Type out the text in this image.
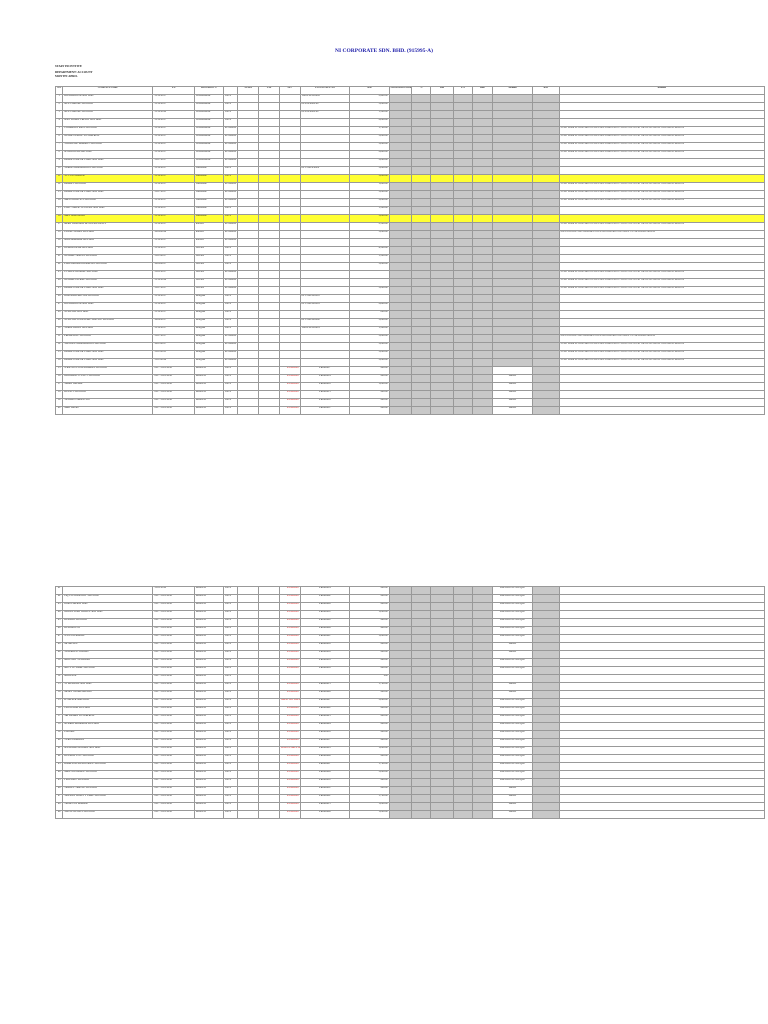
NI CORPORATE SDN. BHD. (915995-A)
STAFF INCENTIVE
DEPARTMENT: ACCOUNT
MONTH: APRIL
NO.	COMPANY NAME	Y/E	PROGRESS %		AUDIT	TAX	SST	TAX INVOICE NO	RM	PROPORTION RM	%	RM	Y/N	Date	Method	RM	Remark
1	KONSORTIUM SDN BHD	31.12.2017	SURIATANA	100%				TA/INS/LG/0002	2,900.00								
2	ALU CAPITAL SDN BHD	31.12.2017	SURIATANA	100%				INS/NI/0000/00	5,000.00								
3	ALU CAPITAL SDN BHD	31.12.2018	SURIATANA	100%				INS/NI/0000/00	1,500.00								
4	A & I SHARE CREDIT SDN BHD	31.12.2017	SURIATANA	100%					2,000.00								
5	CHAMPION KIDS SDN BHD	31.12.2017	SURIATANA	PENDING					1,700.00								START WORK IN APRIL MONTH. NEED DISCUSSION WITH CLIENTS ON CLEAR THE OUTSTAND B/F FOLLOWING MONTHS
6	GLOBE PLAZA - ENTERPRISE	31.12.2017	SURIATANA	PENDING					3,000.00								START WORK IN APRIL MONTH. NEED DISCUSSION WITH CLIENTS ON CLEAR THE OUTSTAND B/F FOLLOWING MONTHS
7	STRATEGIC MARKET SDN BHD	31.12.2017	SURIATANA	PENDING					3,000.00								START WORK IN APRIL MONTH. NEED DISCUSSION WITH CLIENTS ON CLEAR THE OUTSTAND B/F FOLLOWING MONTHS
8	ASTRO BINA SDN BHD	31.12.2017	SURIATANA	PENDING					2,600.00								START WORK IN APRIL MONTH. NEED DISCUSSION WITH CLIENTS ON CLEAR THE OUTSTAND B/F FOLLOWING MONTHS
9	BRAHIT ERPS & CHAN SDN BHD	31.07.2017	SURIATANA	PENDING					3,000.00								
10	SURIA CORPORATION SDN BHD	31.12.2017	SAIAIDA	100%				INV/NI/L0/0002	3,000.00								
11	SCT ENTERPRISE	31.12.2017	SAIAIDA	100%					3,000.00								
12	BRADIT SDN BHD	31.12.2017	SAIAIDA	PENDING					1,800.00								START WORK IN APRIL MONTH. NEED DISCUSSION WITH CLIENTS ON CLEAR THE OUTSTAND B/F FOLLOWING MONTHS
13	BRADIT ERPS & CHAN SDN BHD	31.07.2017	SAIAIDA	PENDING					3,000.00								START WORK IN APRIL MONTH. NEED DISCUSSION WITH CLIENTS ON CLEAR THE OUTSTAND B/F FOLLOWING MONTHS
14	MAS LOGISTICS SDN BHD	31.12.2017	SAIAIDA	PENDING					3,000.00								START WORK IN APRIL MONTH. NEED DISCUSSION WITH CLIENTS ON CLEAR THE OUTSTAND B/F FOLLOWING MONTHS
15	EAST TIMUR VENTURE SDN BHD	31.12.2017	SAIAIDA	100%					1,500.00								
16	MAS TRANSPORT	31.12.2017	SAIAIDA	100%					3,000.00								
17	APRO TRAINING & CONSULTANCY	31.12.2017	RASDI	PENDING					2,500.00								START WORK IN APRIL MONTH. NEED DISCUSSION WITH CLIENTS ON CLEAR THE OUTSTAND B/F FOLLOWING MONTHS
18	ZENAL SUBAN SDN BHD	30.06.2016	RASDI	PENDING					3,000.00								NEED FINALISE AND AGREEMENT ON SALES PORTION COST ISSUE C/F FOLLOWING MONTH
19	AIDESPARADA SDN BHD	31.12.2017	RASDI	PENDING													
20	BUMIAN ASIA SDN BHD	31.12.2017	AFFAN	100%					4,500.00								
21	GLOBAL TRAVEL SDN BHD	31.05.2017	AFFAN	100%					1,500.00								
22	PERUSAHAAN BEKALAN SDN BHD	30.06.2017	AFFAN	100%					3,000.00								
23	EVEREX GLOBAL SDN BHD	31.01.2017	AFFAN	PENDING													START WORK IN APRIL MONTH. NEED DISCUSSION WITH CLIENTS ON CLEAR THE OUTSTAND B/F FOLLOWING MONTHS
24	GLOBAL INTRAZ SDN BHD	31.12.2016	AFFAN	PENDING													START WORK IN APRIL MONTH. NEED DISCUSSION WITH CLIENTS ON CLEAR THE OUTSTAND B/F FOLLOWING MONTHS
25	BRADIT ERPS & CHAN SDN BHD	31.07.2017	AFFAN	PENDING					3,000.00								START WORK IN APRIL MONTH. NEED DISCUSSION WITH CLIENTS ON CLEAR THE OUTSTAND B/F FOLLOWING MONTHS
26	KOPERASI AKTIVA SDN BHD	31.12.2017	Morgana	100%				INV/NI/LG/0001									
27	KONSORTIUM SDN BHD	31.12.2017	Morgana	100%				INV/NI/LG/0003	2,600.00								
28	NI METAL SDN BHD	31.12.2017	Morgana	100%					600.00								
29	NI METAL FINANCIAL SERVICE SDN BHD	30.09.2017	Morgana	100%				INV/NI/LG/0002	3,000.00								
30	SURIA SAGEN SDN BHD	31.12.2017	Morgana	100%				TA/INS/LG/0001	1,500.00								
31	PRIMA LINE SDN BHD	31.07.2017	Morgana	PENDING					3,000.00								NEED FINALISE AND AGREEMENT ON SALES PORTION COST ISSUE C/F FOLLOWING MONTH
32	SAFWAN CORPORATION SDN BHD	30.03.2017	Morgana	PENDING					3,000.00								START WORK IN APRIL MONTH. NEED DISCUSSION WITH CLIENTS ON CLEAR THE OUTSTAND B/F FOLLOWING MONTHS
33	BRADIT ERPS & CHAN SDN BHD	31.03.2015	Morgana	PENDING					3,000.00								START WORK IN APRIL MONTH. NEED DISCUSSION WITH CLIENTS ON CLEAR THE OUTSTAND B/F FOLLOWING MONTHS
34	BRADIT ERPS & CHAN SDN BHD	31.03.2016	Morgana	PENDING					3,000.00								START WORK IN APRIL MONTH. NEED DISCUSSION WITH CLIENTS ON CLEAR THE OUTSTAND B/F FOLLOWING MONTHS
35	WIDENTECH OLAYAMAN SDN BHD	2017 31.01.2018	MORYM	100%			PENDING	PROBA17	900.00								
36	DRIFABOUT FULCY SDN BHD	2017 31.01.2018	MORYM	100%			PENDING	PROBA14	900.00						BANK		
37	SMMO SALADI	2017 31.01.2018	MORYM	100%			PENDING	PROBA19	1,000.00						BANK		
38	KULIUT SDN BHD	2017 31.01.2018	MORYM	100%			PENDING	PROBA13	900.00						BANK		
39	TAYAAH THRANYON	2017 31.01.2018	MORYM	100%			PENDING	PROBA16	900.00						BANK		
40	MAH BATRI	2017 31.01.2018	MORYM	100%			PENDING	PROBA11	900.00						BANK		
41		31.01.2018	MORYM	100%			PENDING	PROBA14	900.00						DEPOSITED CHEQUE		
42	ISQ TECHNOLOGY SDN BHD	2017 31.01.2018	MORYM	100%			PENDING	PROBA02	900.00						DEPOSITED CHEQUE		
43	BORIT BRSDN BHD	2017 31.01.2018	MORYM	100%			PENDING	PROBA08	900.00						DEPOSITED CHEQUE		
44	GROUP STAR TRAVEL SDN BHD	2017 31.01.2018	MORYM	100%			PENDING	PROBA10	1,000.00						DEPOSITED CHEQUE		
45	KURASH SDN BHD	2017 31.01.2018	MORYM	100%			PENDING	PROBA20	900.00						DEPOSITED CHEQUE		
46	KEDISKI ENT	2017 31.01.2018	MORYM	100%			PENDING	PROBA09	400.00						DEPOSITED CHEQUE		
47	NSJ ENTERPRISE	2017 31.01.2018	MORYM	100%			PENDING	PROBA21	1,000.00						DEPOSITED CHEQUE		
48	MI MICLLE	2017 31.01.2018	MORYM	100%			PENDING	PROBA16	900.00						BANK		
49	SUPERBEST BAHAN	2017 31.01.2018	MORYM	100%			PENDING	PROBA16	900.00						BANK		
50	ARFENSIF SYMEGAH	2017 31.01.2018	MORYM	100%			PENDING	PROBA18	900.00						DEPOSITED CHEQUE		
51	AR IYYU SAMP SDN BHD	2017 31.01.2018	MORYM	100%			PENDING	PROBA16	900.00						DEPOSITED CHEQUE		
52	ADHUSTA	2017 31.01.2018	MORYM	100%					200								
53	ST MUKEME SDN BHD	2017 31.01.2018	MORYM	100%			PENDING	PROBA13	1,700.00						BANK		
54	MISRY NUGREHMNAN	2017 31.01.2018	MORYM	100%			PENDING	PROBA26	900.00						BANK		
55	K. JAPPER MACHINE	2017 31.01.2018	MORYM	100%			NEED TO FOLL	PROBA27	3,000.00						DEPOSITED CHEQUE		
56	CROWNOM SDN BHD	2017 31.01.2018	MORYM	100%			PENDING	PROBA22	900.00						DEPOSITED CHEQUE		
57	SRI ERMAN ENTERPRISE	2017 31.01.2018	MORYM	100%			PENDING	PROBA23	900.00						DEPOSITED CHEQUE		
58	ACKRIO MIGRANA SDN BHD	2017 31.01.2018	MORYM	100%			PENDING	PROBA24	900.00						DEPOSITED CHEQUE		
59	LACORE	2017 31.01.2018	MORYM	100%			PENDING	PROBA16	900.00						DEPOSITED CHEQUE		
60	TURUS GARDEN	2017 31.01.2018	MORYM	100%			PENDING	PROBA17	900.00						DEPOSITED CHEQUE		
61	ANNEMAN ANTARE SDN BHD	2017 31.01.2018	MORYM	100%			CLIENT HAVE A	PROBA05	1,000.00						DEPOSITED CHEQUE		
62	KULANG CITY SDN BHD	2017 31.01.2018	MORYM	100%			PENDING	PROBA06	900.00						DEPOSITED CHEQUE		
63	KAMPUNG KUATI PRICE SDN BHD	2017 31.01.2018	MORYM	100%			PENDING	PROBA07	1,700.00						DEPOSITED CHEQUE		
64	MANTINI GRACE SDN BHD	2017 31.01.2018	MORYM	100%			PENDING	PROBA08	3,000.00						DEPOSITED CHEQUE		
65	FIMULATE SDN BHD	2017 31.01.2018	MORYM	100%			PENDING	PROBA10	900.00						DEPOSITED CHEQUE		
66	TRMSEC TRAVEL SDN BHD	2017 31.01.2018	MORYM	100%			PENDING	PROBA12	900.00						BANK		
67	SINEREN BEAUTY CARE SDN BHD	2017 31.01.2018	MORYM	100%			PENDING	PROBA01	1,700.00						BANK		
68	TROAY UN MARINE	2017 31.01.2018	MORYM	100%			PENDING	PROBA15	1,000.00						BANK		
69	SANTE GENIUS SDN BHD	2017 31.01.2018	MORYM	100%			PENDING	PROBA09	1,000.00						BANK		
